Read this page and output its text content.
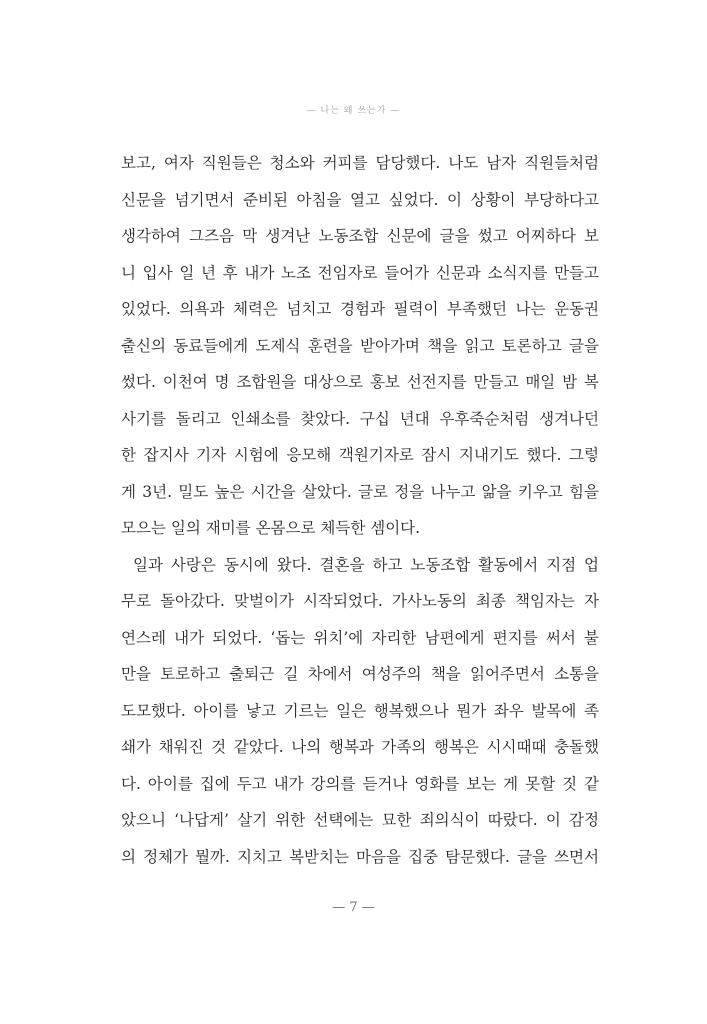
— 나는 왜 쓰는가 —
보고, 여자 직원들은 청소와 커피를 담당했다. 나도 남자 직원들처럼
신문을 넘기면서 준비된 아침을 열고 싶었다. 이 상황이 부당하다고
생각하여 그즈음 막 생겨난 노동조합 신문에 글을 썼고 어찌하다 보
니 입사 일 년 후 내가 노조 전임자로 들어가 신문과 소식지를 만들고
있었다. 의욕과 체력은 넘치고 경험과 필력이 부족했던 나는 운동권
출신의 동료들에게 도제식 훈련을 받아가며 책을 읽고 토론하고 글을
썼다. 이천여 명 조합원을 대상으로 홍보 선전지를 만들고 매일 밤 복
사기를 돌리고 인쇄소를 찾았다. 구십 년대 우후죽순처럼 생겨나던
한 잡지사 기자 시험에 응모해 객원기자로 잠시 지내기도 했다. 그렇
게 3년. 밀도 높은 시간을 살았다. 글로 정을 나누고 앎을 키우고 힘을
모으는 일의 재미를 온몸으로 체득한 셈이다.
일과 사랑은 동시에 왔다. 결혼을 하고 노동조합 활동에서 지점 업
무로 돌아갔다. 맞벌이가 시작되었다. 가사노동의 최종 책임자는 자
연스레 내가 되었다. ‘돕는 위치’에 자리한 남편에게 편지를 써서 불
만을 토로하고 출퇴근 길 차에서 여성주의 책을 읽어주면서 소통을
도모했다. 아이를 낳고 기르는 일은 행복했으나 뭔가 좌우 발목에 족
쇄가 채워진 것 같았다. 나의 행복과 가족의 행복은 시시때때 충돌했
다. 아이를 집에 두고 내가 강의를 듣거나 영화를 보는 게 못할 짓 같
았으니 ‘나답게’ 살기 위한 선택에는 묘한 죄의식이 따랐다. 이 감정
의 정체가 뭘까. 지치고 복받치는 마음을 집중 탐문했다. 글을 쓰면서
— 7 —
